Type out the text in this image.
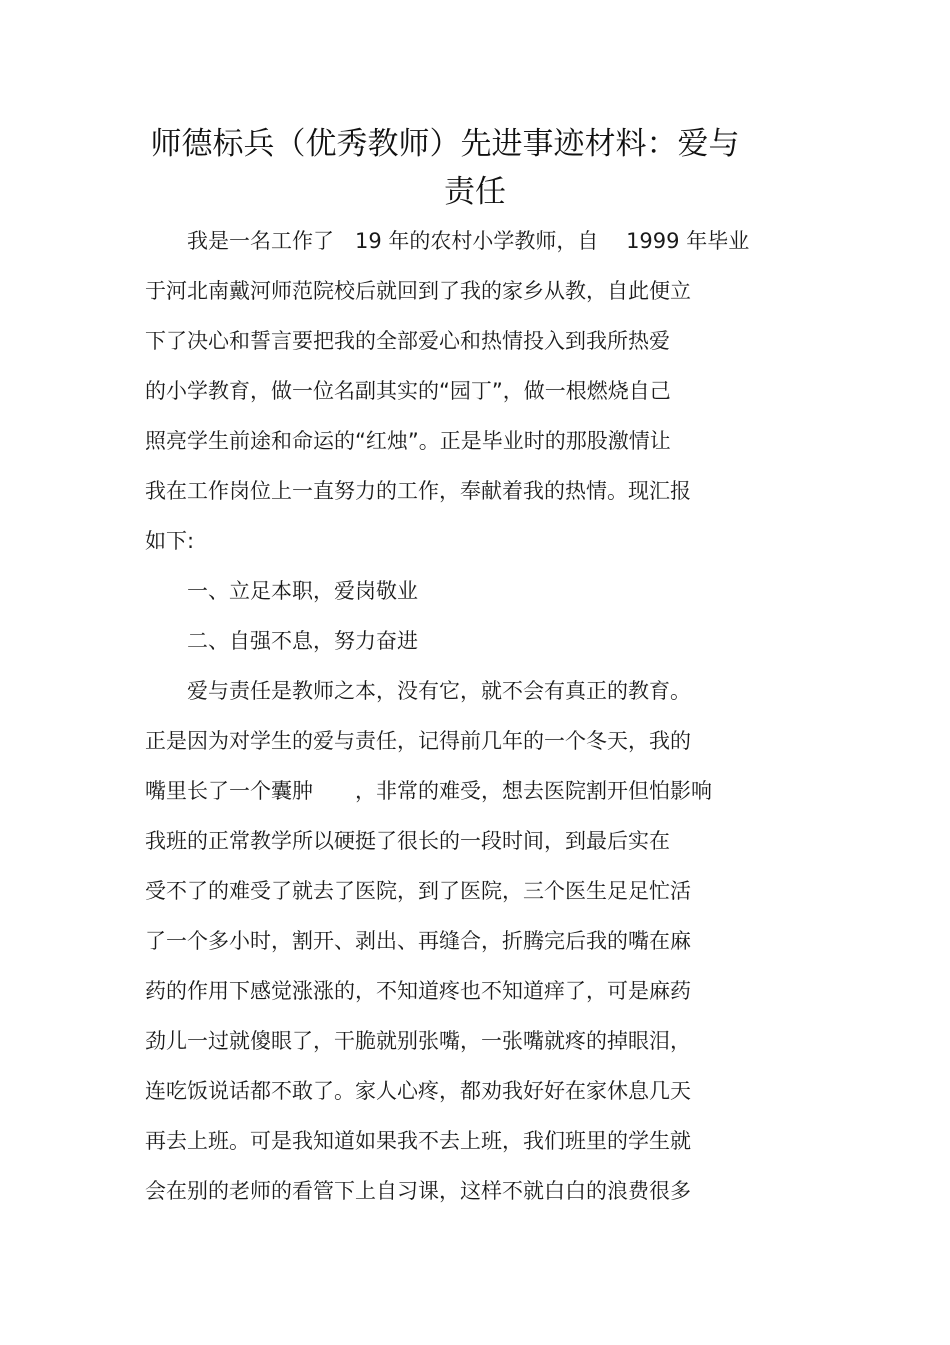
师德标兵（优秀教师）先进事迹材料：爱与
责任
　　我是一名工作了　19 年的农村小学教师，自　 1999 年毕业
于河北南戴河师范院校后就回到了我的家乡从教，自此便立
下了决心和誓言要把我的全部爱心和热情投入到我所热爱
的小学教育，做一位名副其实的“园丁”，做一根燃烧自己
照亮学生前途和命运的“红烛”。正是毕业时的那股激情让
我在工作岗位上一直努力的工作，奉献着我的热情。现汇报
如下:
　　一、立足本职，爱岗敬业
　　二、自强不息，努力奋进
　　爱与责任是教师之本，没有它，就不会有真正的教育。
正是因为对学生的爱与责任，记得前几年的一个冬天，我的
嘴里长了一个囊肿　　，非常的难受，想去医院割开但怕影响
我班的正常教学所以硬挺了很长的一段时间，到最后实在
受不了的难受了就去了医院，到了医院，三个医生足足忙活
了一个多小时，割开、剥出、再缝合，折腾完后我的嘴在麻
药的作用下感觉涨涨的，不知道疼也不知道痒了，可是麻药
劲儿一过就傻眼了，干脆就别张嘴，一张嘴就疼的掉眼泪，
连吃饭说话都不敢了。家人心疼，都劝我好好在家休息几天
再去上班。可是我知道如果我不去上班，我们班里的学生就
会在别的老师的看管下上自习课，这样不就白白的浪费很多
